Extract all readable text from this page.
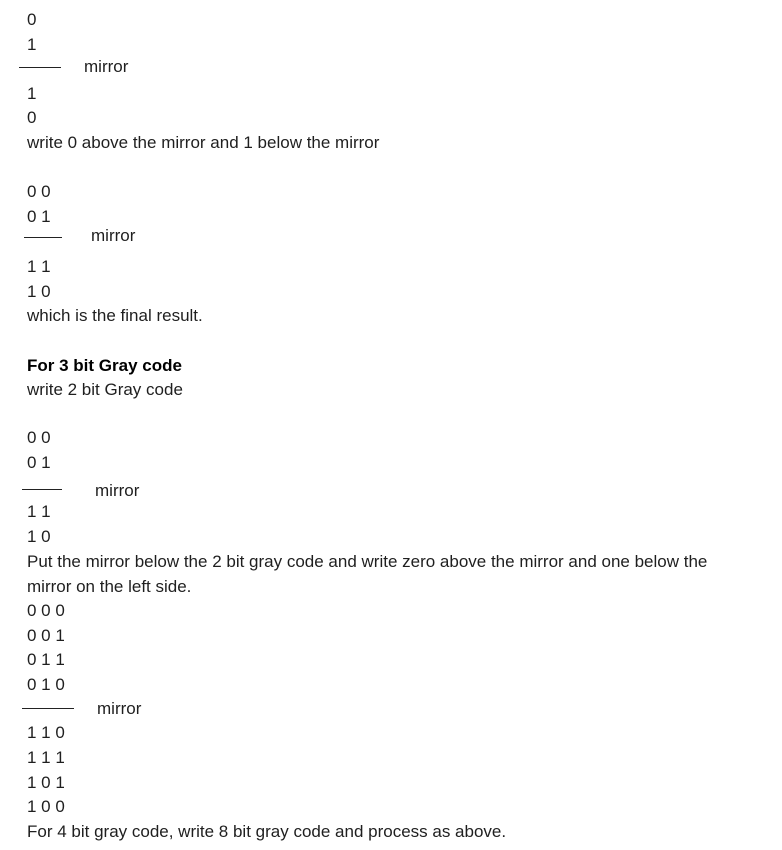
0
1
mirror
1
0
write 0 above the mirror and 1 below the mirror
0 0
0 1
mirror
1 1
1 0
which is the final result.
For 3 bit Gray code
write 2 bit Gray code
0 0
0 1
mirror
1 1
1 0
Put the mirror below the 2 bit gray code and write zero above the mirror and one below the mirror on the left side.
0 0 0
0 0 1
0 1 1
0 1 0
mirror
1 1 0
1 1 1
1 0 1
1 0 0
For 4 bit gray code, write 8 bit gray code and process as above.
